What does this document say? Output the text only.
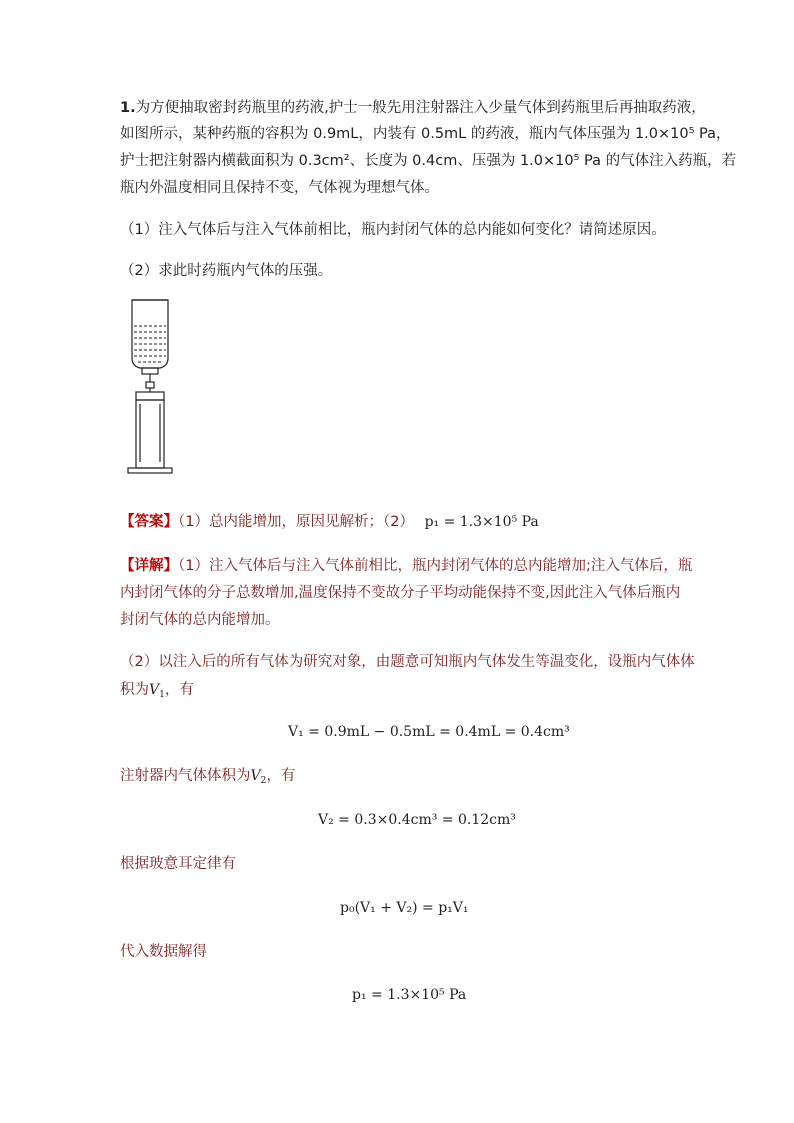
1.为方便抽取密封药瓶里的药液,护士一般先用注射器注入少量气体到药瓶里后再抽取药液，
如图所示，某种药瓶的容积为 0.9mL，内装有 0.5mL 的药液，瓶内气体压强为 1.0×10⁵ Pa，
护士把注射器内横截面积为 0.3cm²、长度为 0.4cm、压强为 1.0×10⁵ Pa 的气体注入药瓶，若
瓶内外温度相同且保持不变，气体视为理想气体。
（1）注入气体后与注入气体前相比，瓶内封闭气体的总内能如何变化？请简述原因。
（2）求此时药瓶内气体的压强。
【答案】（1）总内能增加，原因见解析；（2） p₁ = 1.3×10⁵ Pa
【详解】（1）注入气体后与注入气体前相比，瓶内封闭气体的总内能增加;注入气体后，瓶
内封闭气体的分子总数增加,温度保持不变故分子平均动能保持不变,因此注入气体后瓶内
封闭气体的总内能增加。
（2）以注入后的所有气体为研究对象，由题意可知瓶内气体发生等温变化，设瓶内气体体
积为$V_1$，有
V₁ = 0.9mL − 0.5mL = 0.4mL = 0.4cm³
注射器内气体体积为$V_2$，有
V₂ = 0.3×0.4cm³ = 0.12cm³
根据玻意耳定律有
p₀(V₁ + V₂) = p₁V₁
代入数据解得
p₁ = 1.3×10⁵ Pa
